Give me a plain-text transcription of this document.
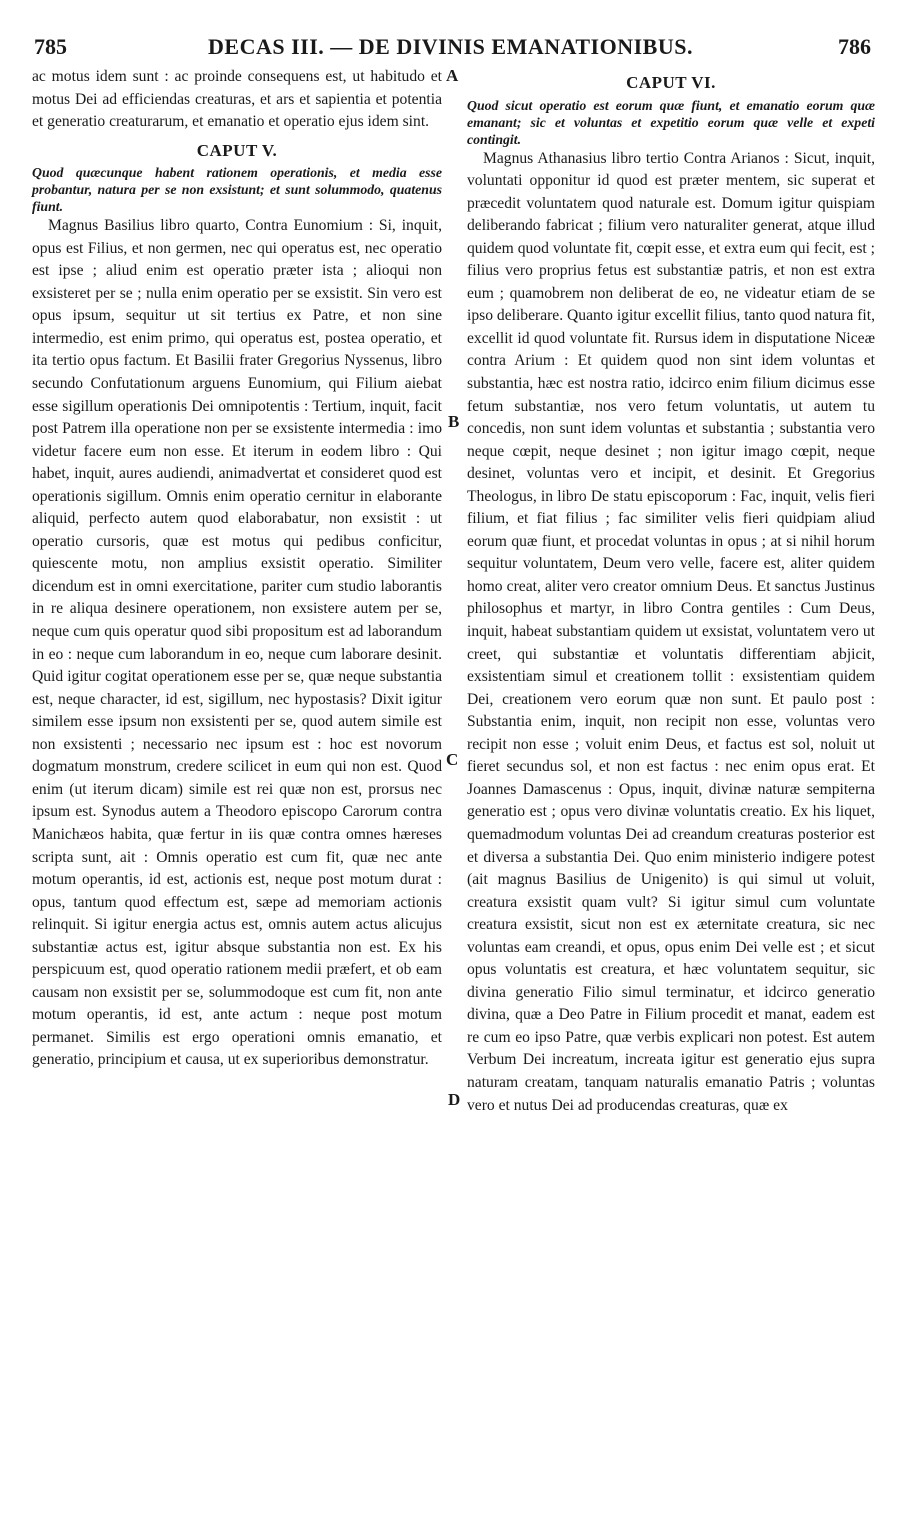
785	DECAS III. — DE DIVINIS EMANATIONIBUS.	786

ac motus idem sunt : ac proinde consequens est, ut habitudo et motus Dei ad efficiendas creaturas, et ars et sapientia et potentia et generatio creaturarum, et emanatio et operatio ejus idem sint.

CAPUT V.

Quod quæcunque habent rationem operationis, et media esse probantur, natura per se non exsistunt; et sunt solummodo, quatenus fiunt.

Magnus Basilius libro quarto, Contra Eunomium : Si, inquit, opus est Filius, et non germen, nec qui operatus est, nec operatio est ipse ; aliud enim est operatio præter ista ; alioqui non exsisteret per se ; nulla enim operatio per se exsistit. Sin vero est opus ipsum, sequitur ut sit tertius ex Patre, et non sine intermedio, est enim primo, qui operatus est, postea operatio, et ita tertio opus factum. Et Basilii frater Gregorius Nyssenus, libro secundo Confutationum arguens Eunomium, qui Filium aiebat esse sigillum operationis Dei omnipotentis : Tertium, inquit, facit post Patrem illa operatione non per se exsistente intermedia : imo videtur facere eum non esse. Et iterum in eodem libro : Qui habet, inquit, aures audiendi, animadvertat et consideret quod est operationis sigillum. Omnis enim operatio cernitur in elaborante aliquid, perfecto autem quod elaborabatur, non exsistit : ut operatio cursoris, quæ est motus qui pedibus conficitur, quiescente motu, non amplius exsistit operatio. Similiter dicendum est in omni exercitatione, pariter cum studio laborantis in re aliqua desinere operationem, non exsistere autem per se, neque cum quis operatur quod sibi propositum est ad laborandum in eo : neque cum laborandum in eo, neque cum laborare desinit. Quid igitur cogitat operationem esse per se, quæ neque substantia est, neque character, id est, sigillum, nec hypostasis? Dixit igitur similem esse ipsum non exsistenti per se, quod autem simile est non exsistenti ; necessario nec ipsum est : hoc est novorum dogmatum monstrum, credere scilicet in eum qui non est. Quod enim (ut iterum dicam) simile est rei quæ non est, prorsus nec ipsum est. Synodus autem a Theodoro episcopo Carorum contra Manichæos habita, quæ fertur in iis quæ contra omnes hæreses scripta sunt, ait : Omnis operatio est cum fit, quæ nec ante motum operantis, id est, actionis est, neque post motum durat : opus, tantum quod effectum est, sæpe ad memoriam actionis relinquit. Si igitur energia actus est, omnis autem actus alicujus substantiæ actus est, igitur absque substantia non est. Ex his perspicuum est, quod operatio rationem medii præfert, et ob eam causam non exsistit per se, solummodoque est cum fit, non ante motum operantis, id est, ante actum : neque post motum permanet. Similis est ergo operationi omnis emanatio, et generatio, principium et causa, ut ex superioribus demonstratur.

CAPUT VI.

Quod sicut operatio est eorum quæ fiunt, et emanatio eorum quæ emanant; sic et voluntas et expetitio eorum quæ velle et expeti contingit.

Magnus Athanasius libro tertio Contra Arianos : Sicut, inquit, voluntati opponitur id quod est præter mentem, sic superat et præcedit voluntatem quod naturale est. Domum igitur quispiam deliberando fabricat ; filium vero naturaliter generat, atque illud quidem quod voluntate fit, cœpit esse, et extra eum qui fecit, est ; filius vero proprius fetus est substantiæ patris, et non est extra eum ; quamobrem non deliberat de eo, ne videatur etiam de se ipso deliberare. Quanto igitur excellit filius, tanto quod natura fit, excellit id quod voluntate fit. Rursus idem in disputatione Niceæ contra Arium : Et quidem quod non sint idem voluntas et substantia, hæc est nostra ratio, idcirco enim filium dicimus esse fetum substantiæ, nos vero fetum voluntatis, ut autem tu concedis, non sunt idem voluntas et substantia ; substantia vero neque cœpit, neque desinet ; non igitur imago cœpit, neque desinet, voluntas vero et incipit, et desinit. Et Gregorius Theologus, in libro De statu episcoporum : Fac, inquit, velis fieri filium, et fiat filius ; fac similiter velis fieri quidpiam aliud eorum quæ fiunt, et procedat voluntas in opus ; at si nihil horum sequitur voluntatem, Deum vero velle, facere est, aliter quidem homo creat, aliter vero creator omnium Deus. Et sanctus Justinus philosophus et martyr, in libro Contra gentiles : Cum Deus, inquit, habeat substantiam quidem ut exsistat, voluntatem vero ut creet, qui substantiæ et voluntatis differentiam abjicit, exsistentiam simul et creationem tollit : exsistentiam quidem Dei, creationem vero eorum quæ non sunt. Et paulo post : Substantia enim, inquit, non recipit non esse, voluntas vero recipit non esse ; voluit enim Deus, et factus est sol, noluit ut fieret secundus sol, et non est factus : nec enim opus erat. Et Joannes Damascenus : Opus, inquit, divinæ naturæ sempiterna generatio est ; opus vero divinæ voluntatis creatio. Ex his liquet, quemadmodum voluntas Dei ad creandum creaturas posterior est et diversa a substantia Dei. Quo enim ministerio indigere potest (ait magnus Basilius de Unigenito) is qui simul ut voluit, creatura exsistit quam vult? Si igitur simul cum voluntate creatura exsistit, sicut non est ex æternitate creatura, sic nec voluntas eam creandi, et opus, opus enim Dei velle est ; et sicut opus voluntatis est creatura, et hæc voluntatem sequitur, sic divina generatio Filio simul terminatur, et idcirco generatio divina, quæ a Deo Patre in Filium procedit et manat, eadem est re cum eo ipso Patre, quæ verbis explicari non potest. Est autem Verbum Dei increatum, increata igitur est generatio ejus supra naturam creatam, tanquam naturalis emanatio Patris ; voluntas vero et nutus Dei ad producendas creaturas, quæ ex

A
B
C
D
